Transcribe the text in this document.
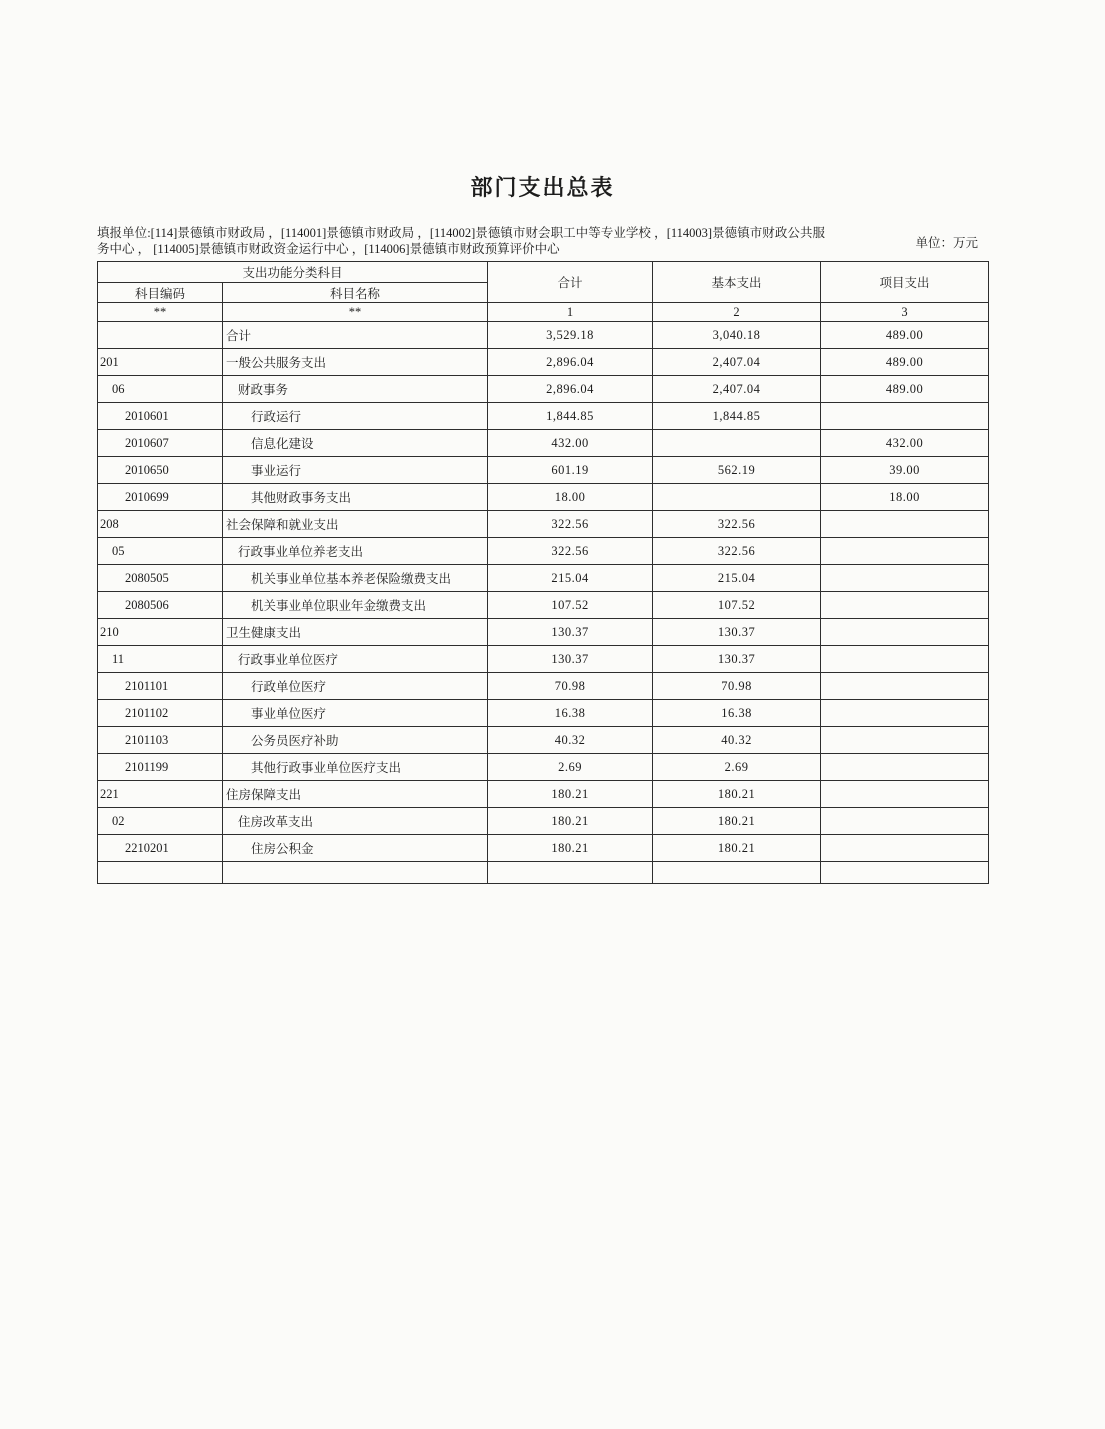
部门支出总表
填报单位:[114]景德镇市财政局 ，[114001]景德镇市财政局 ，[114002]景德镇市财会职工中等专业学校 ，[114003]景德镇市财政公共服务中心 ， [114005]景德镇市财政资金运行中心 ，[114006]景德镇市财政预算评价中心	单位：万元
支出功能分类科目		合计	基本支出	项目支出
科目编码	科目名称			
**	**	1	2	3
	合计	3,529.18	3,040.18	489.00
201	一般公共服务支出	2,896.04	2,407.04	489.00
06	财政事务	2,896.04	2,407.04	489.00
2010601	行政运行	1,844.85	1,844.85	
2010607	信息化建设	432.00		432.00
2010650	事业运行	601.19	562.19	39.00
2010699	其他财政事务支出	18.00		18.00
208	社会保障和就业支出	322.56	322.56	
05	行政事业单位养老支出	322.56	322.56	
2080505	机关事业单位基本养老保险缴费支出	215.04	215.04	
2080506	机关事业单位职业年金缴费支出	107.52	107.52	
210	卫生健康支出	130.37	130.37	
11	行政事业单位医疗	130.37	130.37	
2101101	行政单位医疗	70.98	70.98	
2101102	事业单位医疗	16.38	16.38	
2101103	公务员医疗补助	40.32	40.32	
2101199	其他行政事业单位医疗支出	2.69	2.69	
221	住房保障支出	180.21	180.21	
02	住房改革支出	180.21	180.21	
2210201	住房公积金	180.21	180.21	
